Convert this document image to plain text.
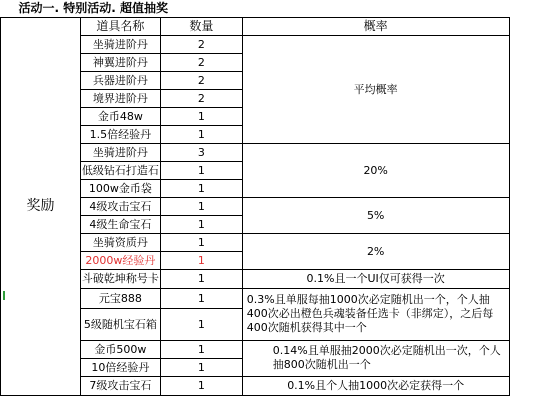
活动一. 特别活动. 超值抽奖				
奖励	道具名称	数量	概率	
	坐骑进阶丹	2	平均概率	
	神翼进阶丹	2		
	兵器进阶丹	2		
	境界进阶丹	2		
	金币48w	1		
	1.5倍经验丹	1		
	坐骑进阶丹	3	20%	
	低级钻石打造石	1		
	100w金币袋	1		
	4级攻击宝石	1	5%	
	4级生命宝石	1		
	坐骑资质丹	1	2%	
	2000w经验丹	1		
	斗破乾坤称号卡	1	0.1%且一个UI仅可获得一次	
	元宝888	1	0.3%且单服每抽1000次必定随机出一个，个人抽400次必出橙色兵魂装备任选卡（非绑定），之后每400次随机获得其中一个	
	5级随机宝石箱	1		
	金币500w	1	0.14%且单服抽2000次必定随机出一次，个人抽800次随机出一个	
	10倍经验丹	1		
	7级攻击宝石	1	0.1%且个人抽1000次必定获得一个	
